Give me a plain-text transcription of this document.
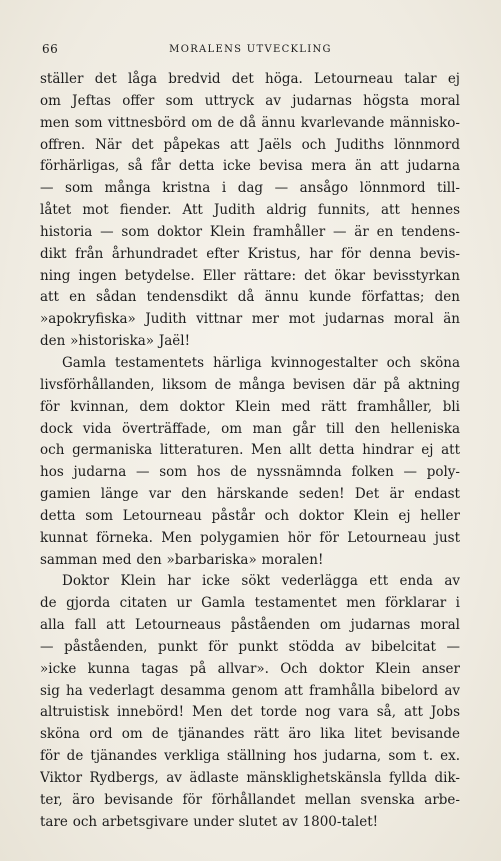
66	MORALENS UTVECKLING
ställer det låga bredvid det höga. Letourneau talar ej
om Jeftas offer som uttryck av judarnas högsta moral
men som vittnesbörd om de då ännu kvarlevande människo-
offren. När det påpekas att Jaëls och Judiths lönnmord
förhärligas, så får detta icke bevisa mera än att judarna
— som många kristna i dag — ansågo lönnmord till-
låtet mot fiender. Att Judith aldrig funnits, att hennes
historia — som doktor Klein framhåller — är en tendens-
dikt från århundradet efter Kristus, har för denna bevis-
ning ingen betydelse. Eller rättare: det ökar bevisstyrkan
att en sådan tendensdikt då ännu kunde författas; den
»apokryfiska» Judith vittnar mer mot judarnas moral än
den »historiska» Jaël!
Gamla testamentets härliga kvinnogestalter och sköna
livsförhållanden, liksom de många bevisen där på aktning
för kvinnan, dem doktor Klein med rätt framhåller, bli
dock vida överträffade, om man går till den helleniska
och germaniska litteraturen. Men allt detta hindrar ej att
hos judarna — som hos de nyssnämnda folken — poly-
gamien länge var den härskande seden! Det är endast
detta som Letourneau påstår och doktor Klein ej heller
kunnat förneka. Men polygamien hör för Letourneau just
samman med den »barbariska» moralen!
Doktor Klein har icke sökt vederlägga ett enda av
de gjorda citaten ur Gamla testamentet men förklarar i
alla fall att Letourneaus påståenden om judarnas moral
— påståenden, punkt för punkt stödda av bibelcitat —
»icke kunna tagas på allvar». Och doktor Klein anser
sig ha vederlagt desamma genom att framhålla bibelord av
altruistisk innebörd! Men det torde nog vara så, att Jobs
sköna ord om de tjänandes rätt äro lika litet bevisande
för de tjänandes verkliga ställning hos judarna, som t. ex.
Viktor Rydbergs, av ädlaste mänsklighetskänsla fyllda dik-
ter, äro bevisande för förhållandet mellan svenska arbe-
tare och arbetsgivare under slutet av 1800-talet!
